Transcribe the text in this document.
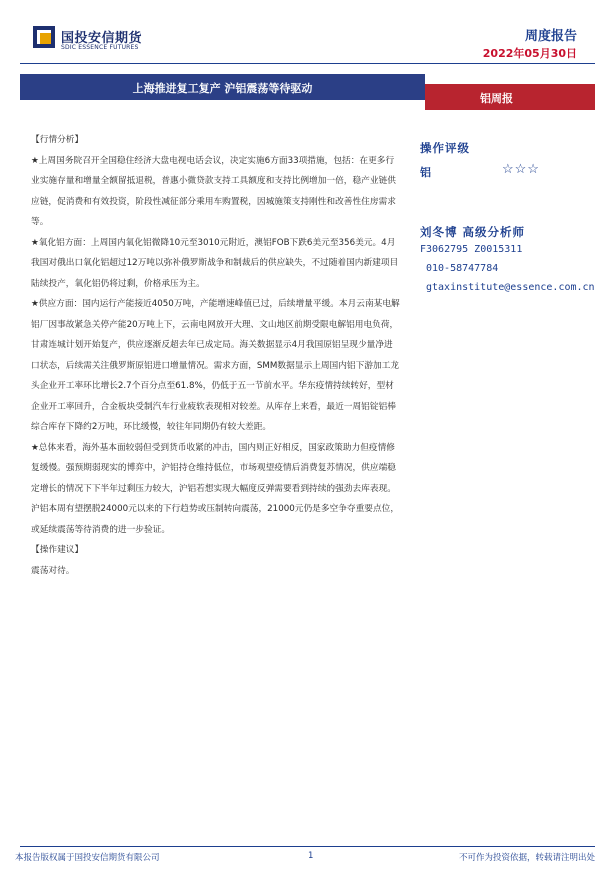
国投安信期货
SDIC ESSENCE FUTURES
周度报告
2022年05月30日
上海推进复工复产 沪铝震荡等待驱动
铝周报

【行情分析】

★上周国务院召开全国稳住经济大盘电视电话会议，决定实施6方面33项措施，包括：在更多行业实施存量和增量全额留抵退税，普惠小微贷款支持工具额度和支持比例增加一倍，稳产业链供应链，促消费和有效投资，阶段性减征部分乘用车购置税，因城施策支持刚性和改善性住房需求等。

★氧化铝方面：上周国内氧化铝微降10元至3010元附近，澳铝FOB下跌6美元至356美元。4月我国对俄出口氧化铝超过12万吨以弥补俄罗斯战争和制裁后的供应缺失，不过随着国内新建项目陆续投产，氧化铝仍将过剩，价格承压为主。

★供应方面：国内运行产能接近4050万吨，产能增速峰值已过，后续增量平缓。本月云南某电解铝厂因事故紧急关停产能20万吨上下，云南电网放开大理、文山地区前期受限电解铝用电负荷，甘肃连城计划开始复产，供应逐渐反超去年已成定局。海关数据显示4月我国原铝呈现少量净进口状态，后续需关注俄罗斯原铝进口增量情况。需求方面，SMM数据显示上周国内铝下游加工龙头企业开工率环比增长2.7个百分点至61.8%，仍低于五一节前水平。华东疫情持续转好，型材企业开工率回升，合金板块受制汽车行业疲软表现相对较差。从库存上来看，最近一周铝锭铝棒综合库存下降约2万吨，环比缓慢，较往年同期仍有较大差距。

★总体来看，海外基本面较弱但受到货币收紧的冲击，国内则正好相反，国家政策助力但疫情修复缓慢。强预期弱现实的博弈中，沪铝持仓维持低位，市场观望疫情后消费复苏情况，供应端稳定增长的情况下下半年过剩压力较大，沪铝若想实现大幅度反弹需要看到持续的强劲去库表现。沪铝本周有望摆脱24000元以来的下行趋势或压制转向震荡，21000元仍是多空争夺重要点位，或延续震荡等待消费的进一步验证。

【操作建议】

震荡对待。

操作评级
铝	☆☆☆
刘冬博 高级分析师
F3062795 Z0015311
010-58747784
gtaxinstitute@essence.com.cn
本报告版权属于国投安信期货有限公司	1	不可作为投资依据，转载请注明出处
